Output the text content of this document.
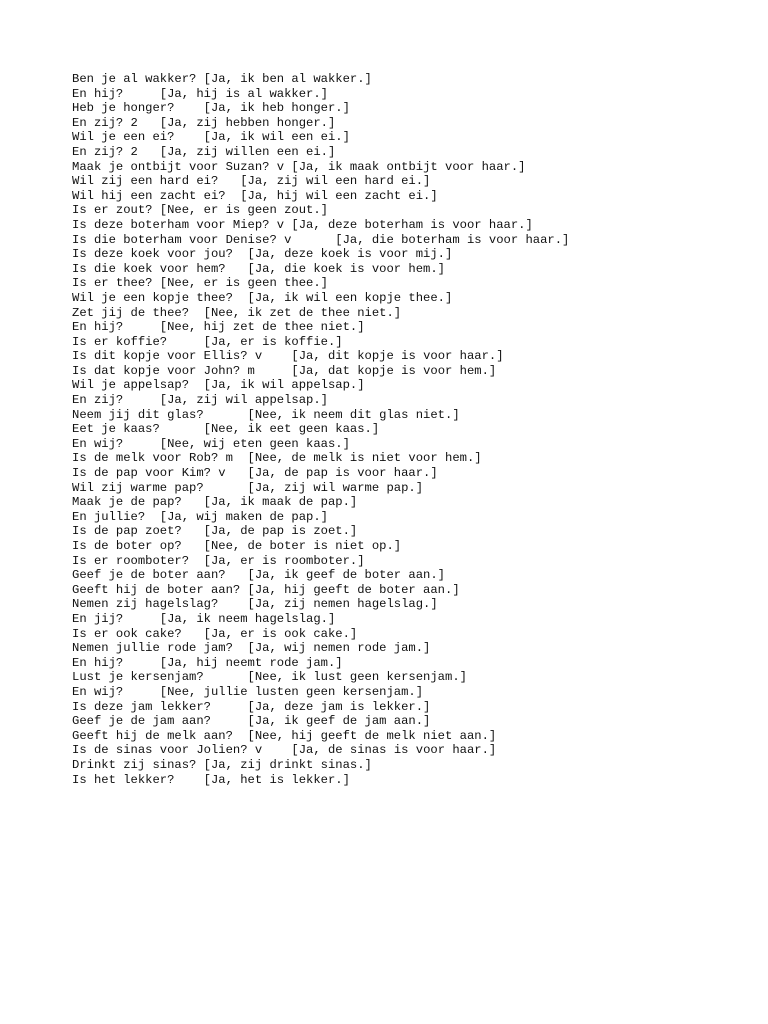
Ben je al wakker? [Ja, ik ben al wakker.]
En hij? [Ja, hij is al wakker.]
Heb je honger? [Ja, ik heb honger.]
En zij? 2 [Ja, zij hebben honger.]
Wil je een ei? [Ja, ik wil een ei.]
En zij? 2 [Ja, zij willen een ei.]
Maak je ontbijt voor Suzan? v [Ja, ik maak ontbijt voor haar.]
Wil zij een hard ei? [Ja, zij wil een hard ei.]
Wil hij een zacht ei? [Ja, hij wil een zacht ei.]
Is er zout? [Nee, er is geen zout.]
Is deze boterham voor Miep? v [Ja, deze boterham is voor haar.]
Is die boterham voor Denise? v [Ja, die boterham is voor haar.]
Is deze koek voor jou? [Ja, deze koek is voor mij.]
Is die koek voor hem? [Ja, die koek is voor hem.]
Is er thee? [Nee, er is geen thee.]
Wil je een kopje thee? [Ja, ik wil een kopje thee.]
Zet jij de thee? [Nee, ik zet de thee niet.]
En hij? [Nee, hij zet de thee niet.]
Is er koffie? [Ja, er is koffie.]
Is dit kopje voor Ellis? v [Ja, dit kopje is voor haar.]
Is dat kopje voor John? m [Ja, dat kopje is voor hem.]
Wil je appelsap? [Ja, ik wil appelsap.]
En zij? [Ja, zij wil appelsap.]
Neem jij dit glas? [Nee, ik neem dit glas niet.]
Eet je kaas? [Nee, ik eet geen kaas.]
En wij? [Nee, wij eten geen kaas.]
Is de melk voor Rob? m [Nee, de melk is niet voor hem.]
Is de pap voor Kim? v [Ja, de pap is voor haar.]
Wil zij warme pap? [Ja, zij wil warme pap.]
Maak je de pap? [Ja, ik maak de pap.]
En jullie? [Ja, wij maken de pap.]
Is de pap zoet? [Ja, de pap is zoet.]
Is de boter op? [Nee, de boter is niet op.]
Is er roomboter? [Ja, er is roomboter.]
Geef je de boter aan? [Ja, ik geef de boter aan.]
Geeft hij de boter aan? [Ja, hij geeft de boter aan.]
Nemen zij hagelslag? [Ja, zij nemen hagelslag.]
En jij? [Ja, ik neem hagelslag.]
Is er ook cake? [Ja, er is ook cake.]
Nemen jullie rode jam? [Ja, wij nemen rode jam.]
En hij? [Ja, hij neemt rode jam.]
Lust je kersenjam? [Nee, ik lust geen kersenjam.]
En wij? [Nee, jullie lusten geen kersenjam.]
Is deze jam lekker? [Ja, deze jam is lekker.]
Geef je de jam aan? [Ja, ik geef de jam aan.]
Geeft hij de melk aan? [Nee, hij geeft de melk niet aan.]
Is de sinas voor Jolien? v [Ja, de sinas is voor haar.]
Drinkt zij sinas? [Ja, zij drinkt sinas.]
Is het lekker? [Ja, het is lekker.]
